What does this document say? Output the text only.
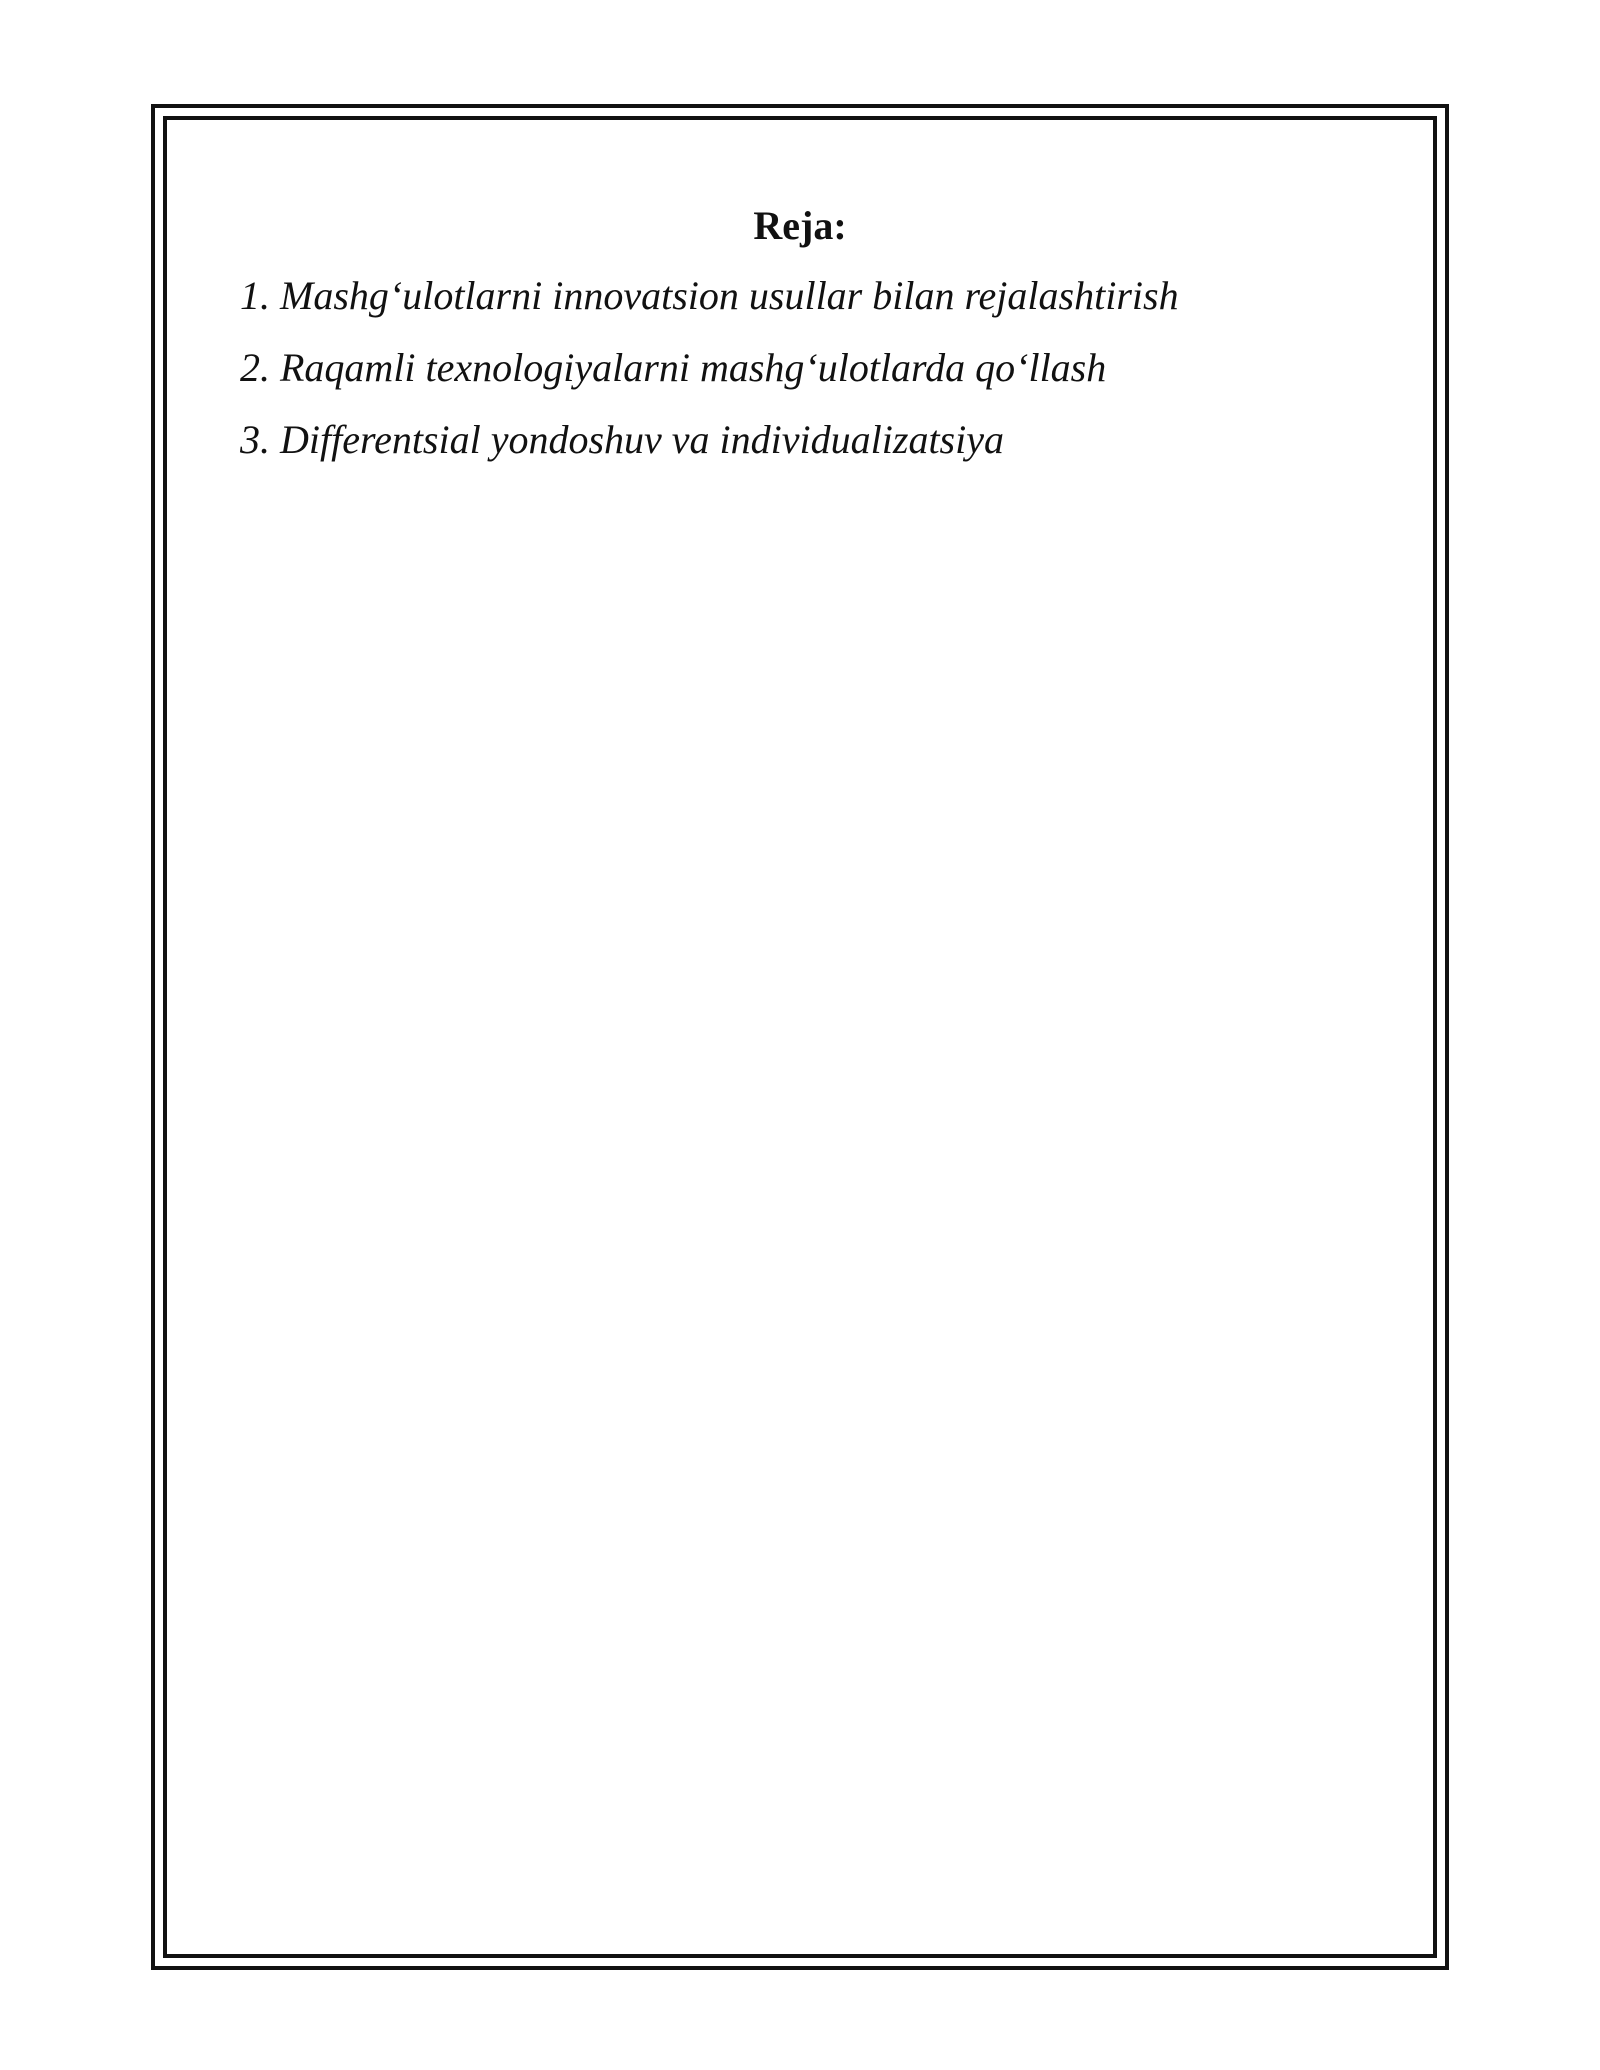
Reja:
1. Mashg‘ulotlarni innovatsion usullar bilan rejalashtirish
2. Raqamli texnologiyalarni mashg‘ulotlarda qo‘llash
3. Differentsial yondoshuv va individualizatsiya
